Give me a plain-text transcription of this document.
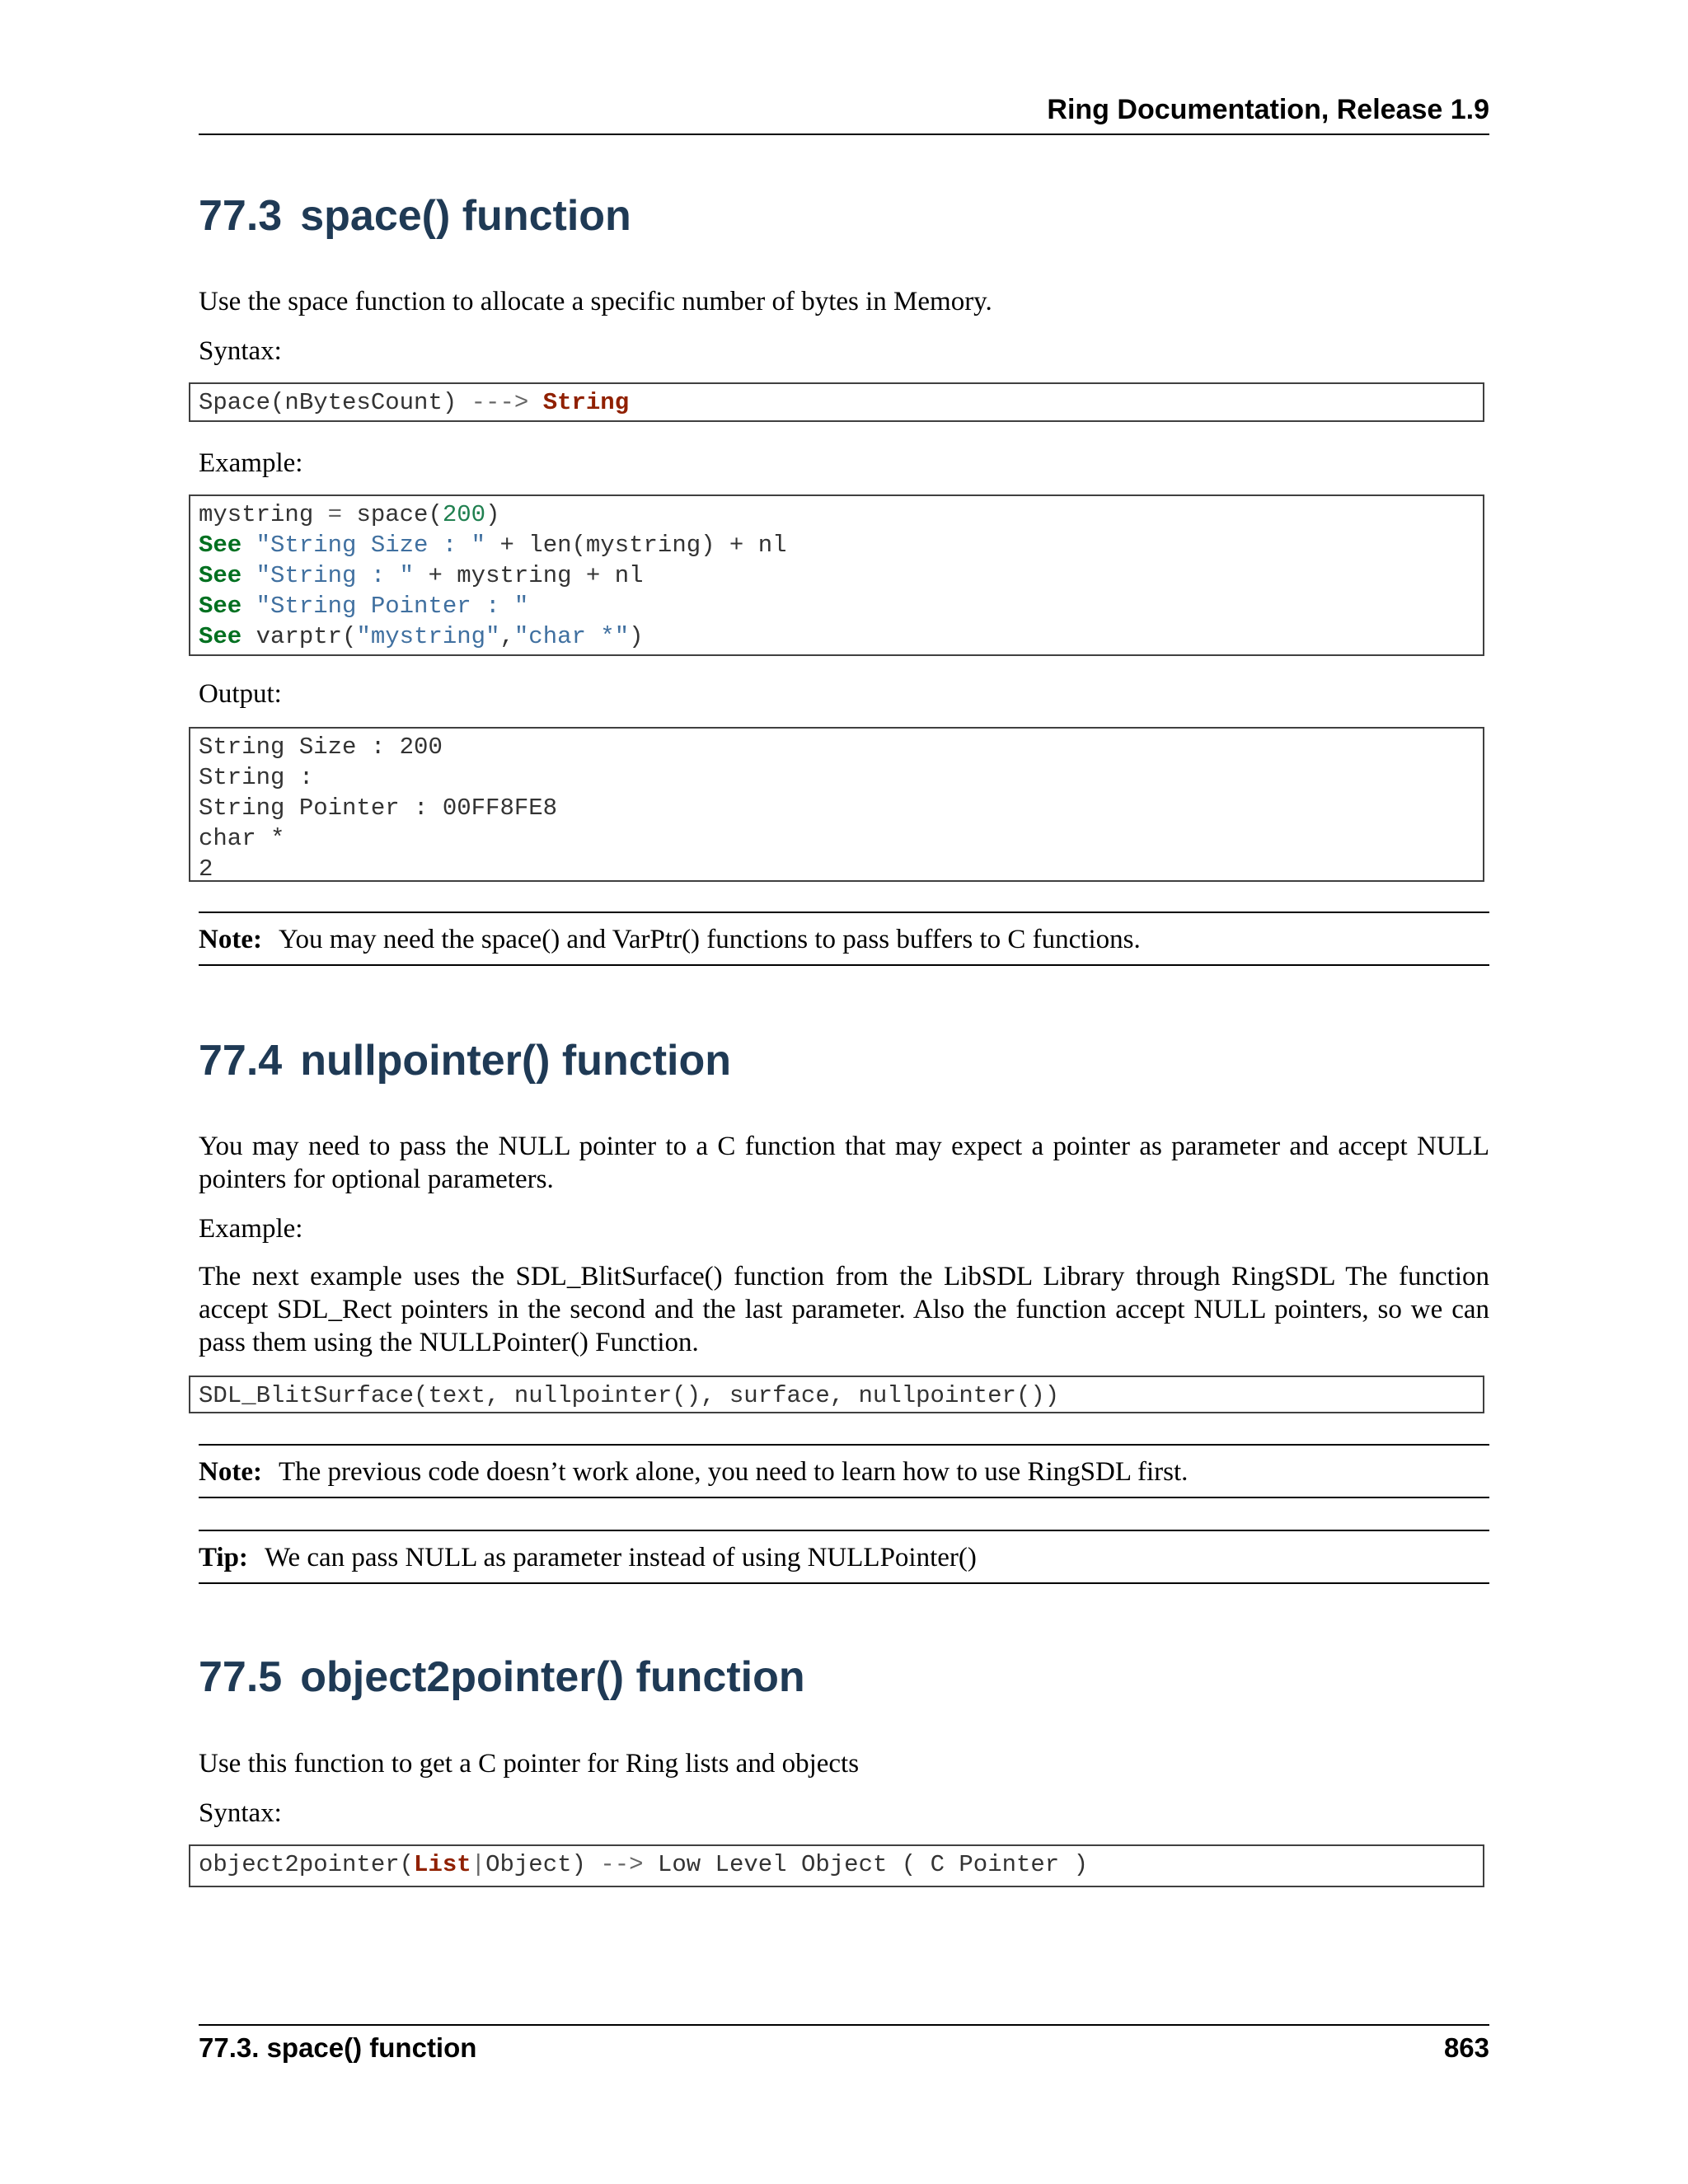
Ring Documentation, Release 1.9
77.3 space() function

Use the space function to allocate a specific number of bytes in Memory.

Syntax:

Space(nBytesCount) ---> String

Example:

mystring = space(200)
See "String Size : " + len(mystring) + nl
See "String : " + mystring + nl
See "String Pointer : "
See varptr("mystring","char *")

Output:

String Size : 200
String :
String Pointer : 00FF8FE8
char *
2
Note: You may need the space() and VarPtr() functions to pass buffers to C functions.
77.4 nullpointer() function

You may need to pass the NULL pointer to a C function that may expect a pointer as parameter and accept NULL pointers for optional parameters.

Example:

The next example uses the SDL_BlitSurface() function from the LibSDL Library through RingSDL The function accept SDL_Rect pointers in the second and the last parameter. Also the function accept NULL pointers, so we can pass them using the NULLPointer() Function.

SDL_BlitSurface(text, nullpointer(), surface, nullpointer())
Note: The previous code doesn’t work alone, you need to learn how to use RingSDL first.
Tip: We can pass NULL as parameter instead of using NULLPointer()
77.5 object2pointer() function

Use this function to get a C pointer for Ring lists and objects

Syntax:

object2pointer(List|Object) --> Low Level Object ( C Pointer )
77.3. space() function	863
